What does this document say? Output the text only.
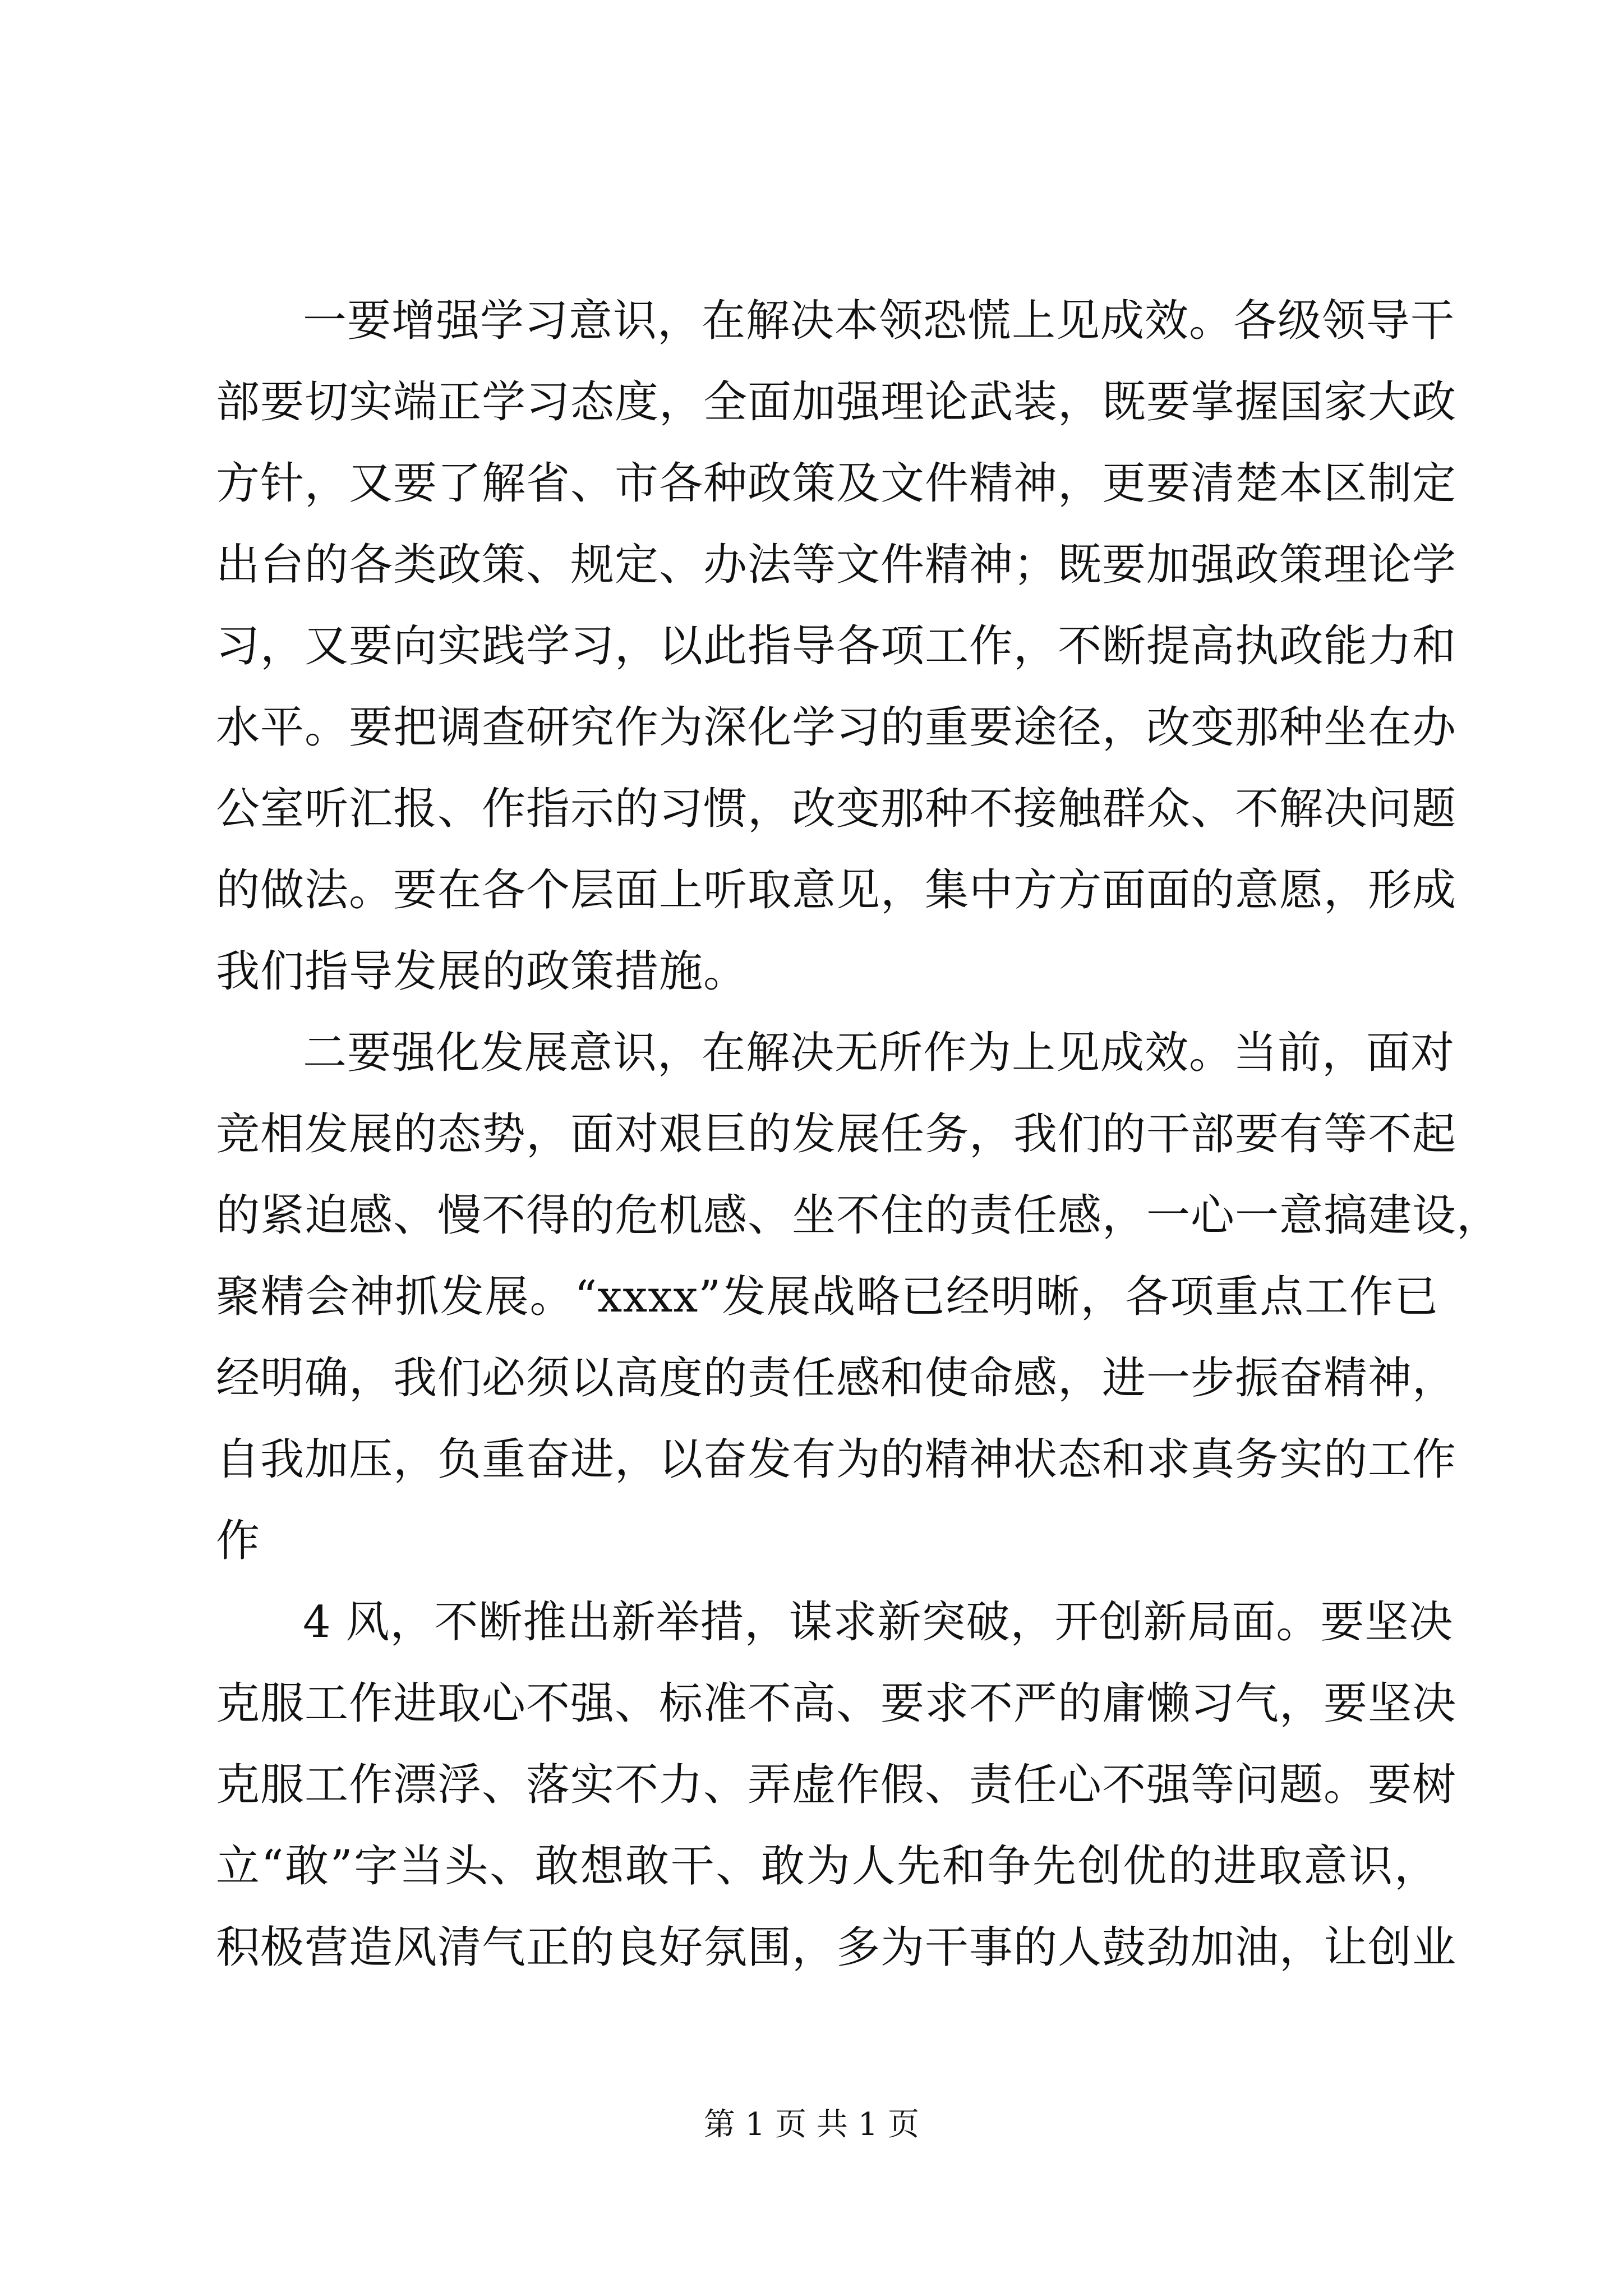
一要增强学习意识，在解决本领恐慌上见成效。各级领导干
部要切实端正学习态度，全面加强理论武装，既要掌握国家大政
方针，又要了解省、市各种政策及文件精神，更要清楚本区制定
出台的各类政策、规定、办法等文件精神；既要加强政策理论学
习，又要向实践学习，以此指导各项工作，不断提高执政能力和
水平。要把调查研究作为深化学习的重要途径，改变那种坐在办
公室听汇报、作指示的习惯，改变那种不接触群众、不解决问题
的做法。要在各个层面上听取意见，集中方方面面的意愿，形成
我们指导发展的政策措施。
二要强化发展意识，在解决无所作为上见成效。当前，面对
竞相发展的态势，面对艰巨的发展任务，我们的干部要有等不起
的紧迫感、慢不得的危机感、坐不住的责任感，一心一意搞建设，
聚精会神抓发展。“xxxx”发展战略已经明晰，各项重点工作已
经明确，我们必须以高度的责任感和使命感，进一步振奋精神，
自我加压，负重奋进，以奋发有为的精神状态和求真务实的工作
作
4 风，不断推出新举措，谋求新突破，开创新局面。要坚决
克服工作进取心不强、标准不高、要求不严的庸懒习气，要坚决
克服工作漂浮、落实不力、弄虚作假、责任心不强等问题。要树
立“敢”字当头、敢想敢干、敢为人先和争先创优的进取意识，
积极营造风清气正的良好氛围，多为干事的人鼓劲加油，让创业
第 1 页 共 1 页
